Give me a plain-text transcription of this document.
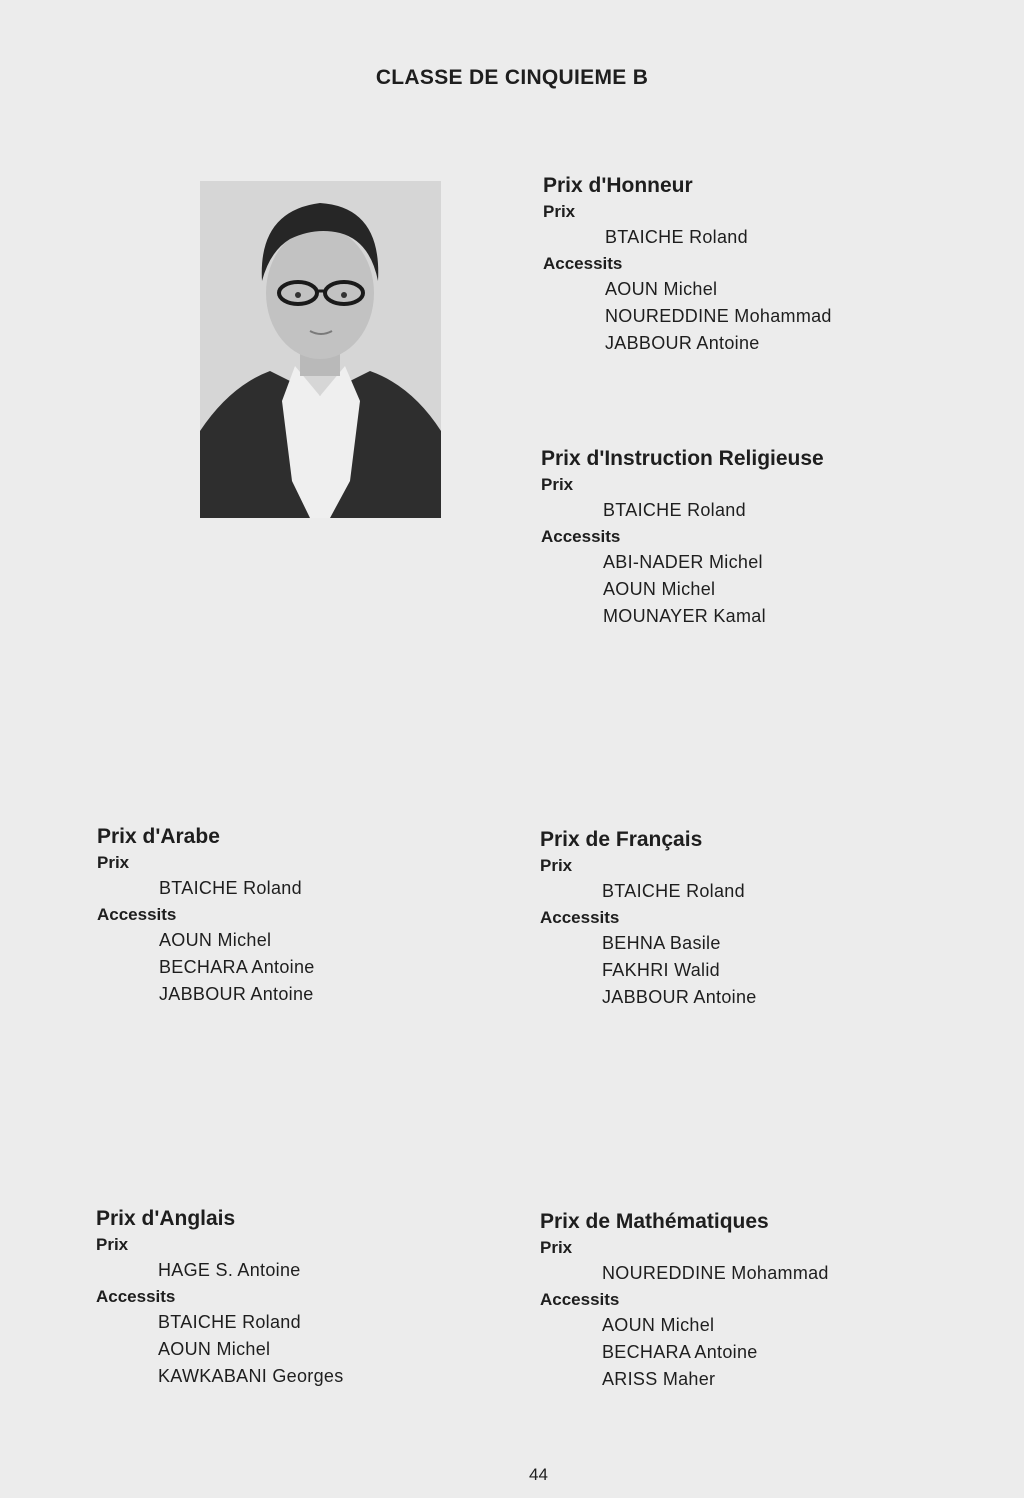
CLASSE DE CINQUIEME B
Prix d'Honneur
Prix
BTAICHE Roland
Accessits
AOUN Michel
NOUREDDINE Mohammad
JABBOUR Antoine
Prix d'Instruction Religieuse
Prix
BTAICHE Roland
Accessits
ABI-NADER Michel
AOUN Michel
MOUNAYER Kamal
Prix d'Arabe
Prix
BTAICHE Roland
Accessits
AOUN Michel
BECHARA Antoine
JABBOUR Antoine
Prix de Français
Prix
BTAICHE Roland
Accessits
BEHNA Basile
FAKHRI Walid
JABBOUR Antoine
Prix d'Anglais
Prix
HAGE S. Antoine
Accessits
BTAICHE Roland
AOUN Michel
KAWKABANI Georges
Prix de Mathématiques
Prix
NOUREDDINE Mohammad
Accessits
AOUN Michel
BECHARA Antoine
ARISS Maher
44
